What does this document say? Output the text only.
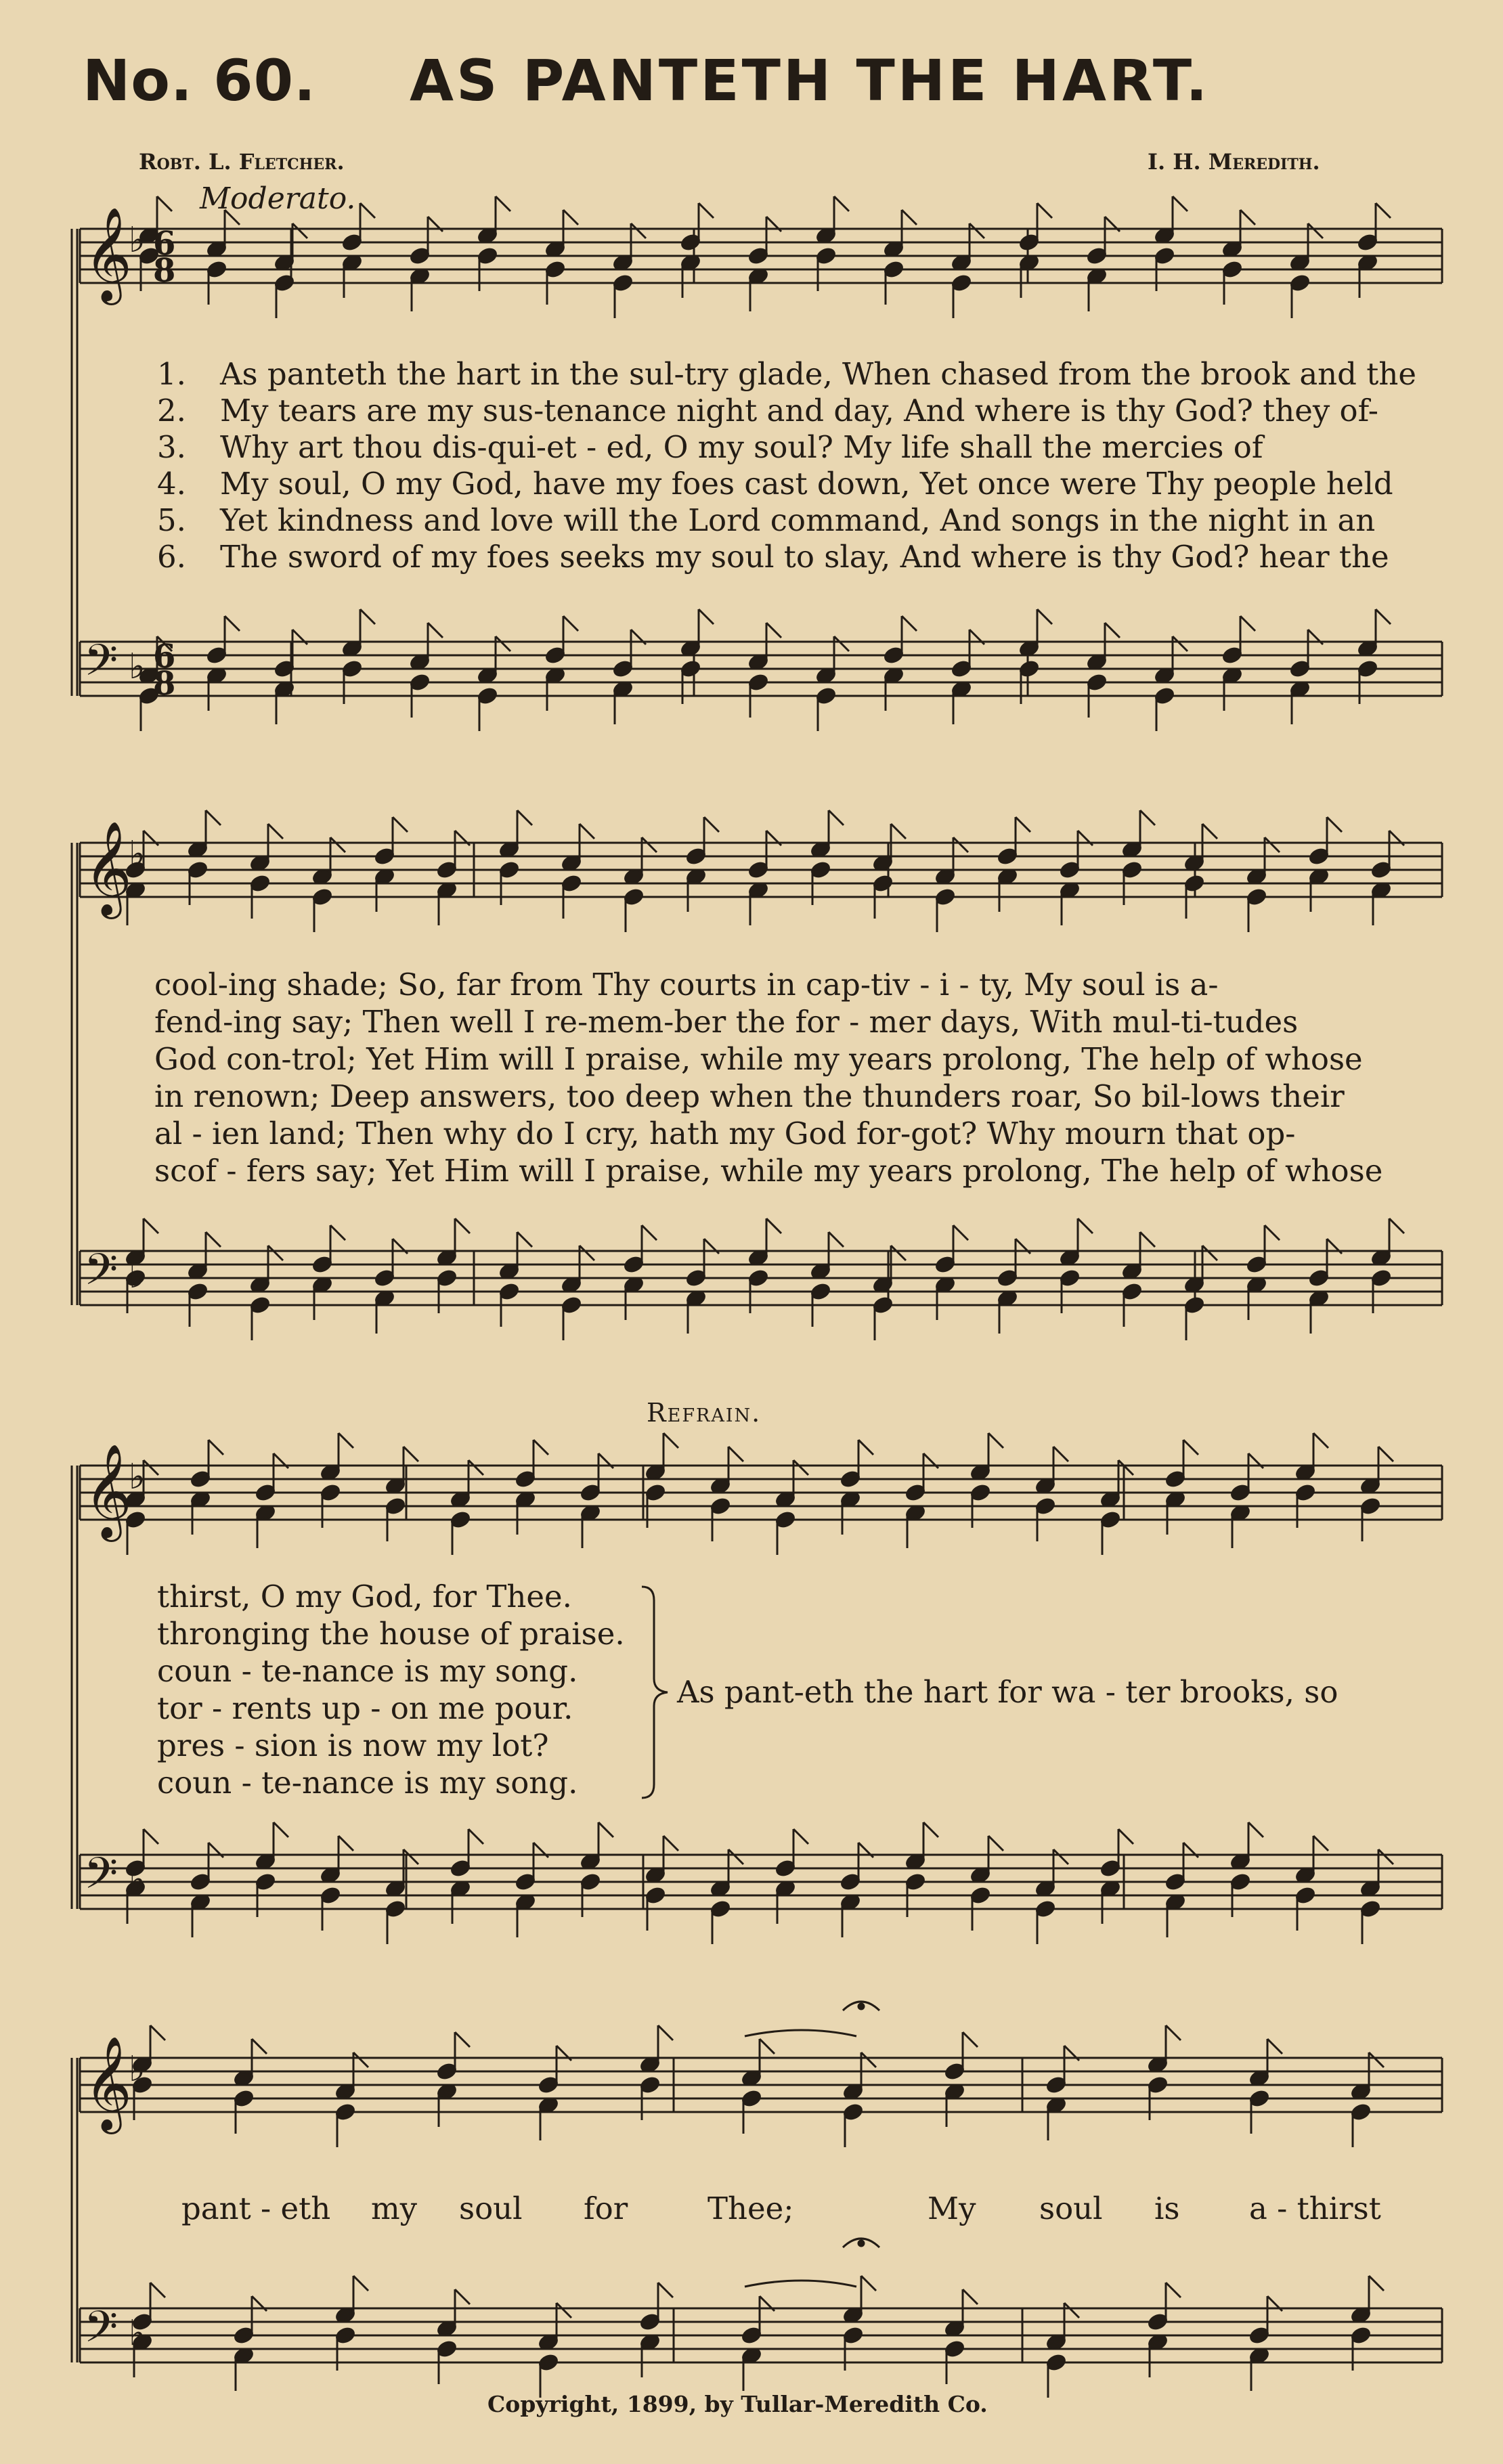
No. 60. AS PANTETH THE HART.
Robt. L. Fletcher.	I. H. Meredith.
Moderato.
𝄞
♭ 6
8
𝄢 ♭ 6
8
𝄞
♭
𝄢 ♭
𝄞
♭
𝄢 ♭
𝄞
♭
𝄢 ♭
1. As panteth the hart in the sul-try glade, When chased from the brook and the
2. My tears are my sus-tenance night and day, And where is thy God? they of-
3. Why art thou dis-qui-et - ed, O my soul? My life shall the mercies of
4. My soul, O my God, have my foes cast down, Yet once were Thy people held
5. Yet kindness and love will the Lord command, And songs in the night in an
6. The sword of my foes seeks my soul to slay, And where is thy God? hear the
cool-ing shade; So, far from Thy courts in cap-tiv - i - ty, My soul is a-
fend-ing say; Then well I re-mem-ber the for - mer days, With mul-ti-tudes
God con-trol; Yet Him will I praise, while my years prolong, The help of whose
in renown; Deep answers, too deep when the thunders roar, So bil-lows their
al - ien land; Then why do I cry, hath my God for-got? Why mourn that op-
scof - fers say; Yet Him will I praise, while my years prolong, The help of whose
Refrain.
thirst, O my God, for Thee.
thronging the house of praise.
coun - te-nance is my song.
tor - rents up - on me pour.
pres - sion is now my lot?
coun - te-nance is my song.
As pant-eth the hart for wa - ter brooks, so
pant - eth my soul for	Thee;	My soul is a - thirst
Copyright, 1899, by Tullar-Meredith Co.
